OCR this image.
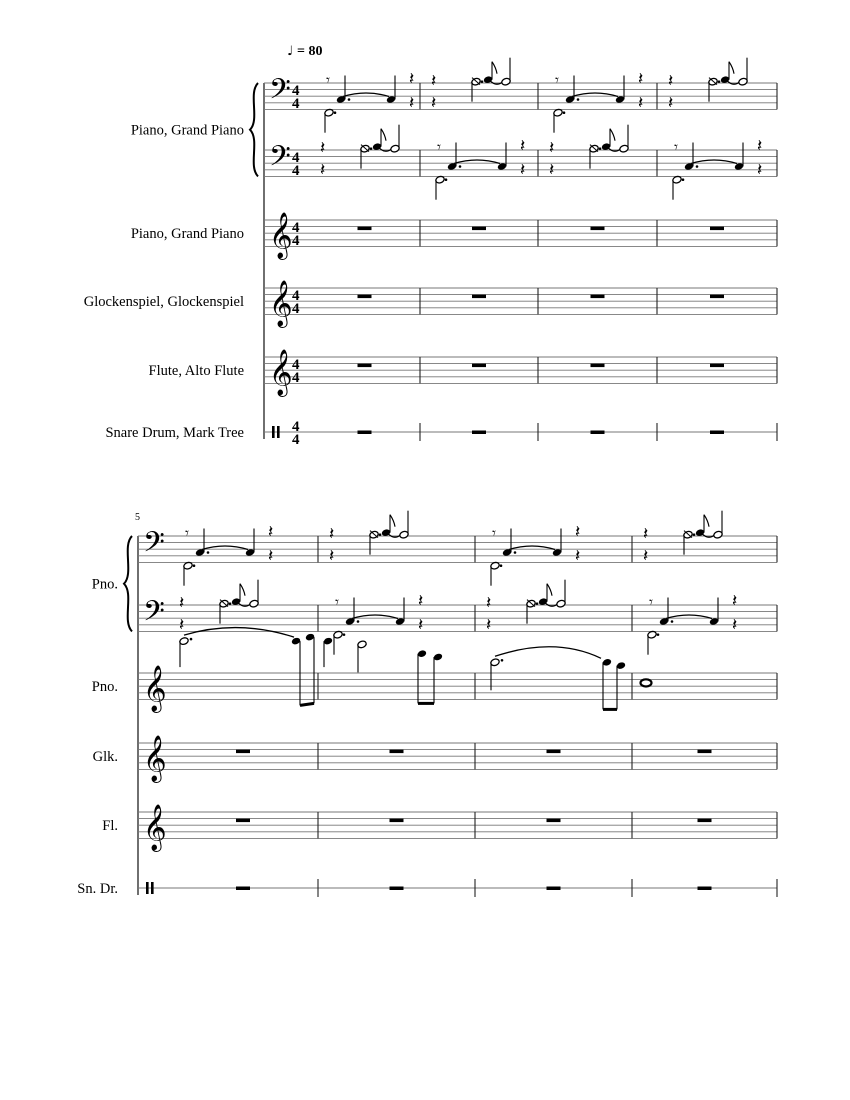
♩ = 80
Piano, Grand Piano
𝄢 4
4
𝄾	𝄽
𝄽
𝄽
𝄽
𝄾	𝄽
𝄽
𝄽
𝄽
𝄢 4
4
𝄽
𝄽
𝄾	𝄽
𝄽
𝄽
𝄽
𝄾	𝄽
𝄽
Piano, Grand Piano 𝄞 4
4
Glockenspiel, Glockenspiel 𝄞 4
4
Flute, Alto Flute 𝄞 4
4
Snare Drum, Mark Tree	4
4
5
Pno.
𝄢 𝄾	𝄽
𝄽
𝄽
𝄽
𝄾	𝄽
𝄽
𝄽
𝄽
𝄢 𝄽
𝄽
𝄾	𝄽
𝄽
𝄽
𝄽
𝄾	𝄽
𝄽
Pno. 𝄞
Glk. 𝄞
Fl. 𝄞
Sn. Dr.
